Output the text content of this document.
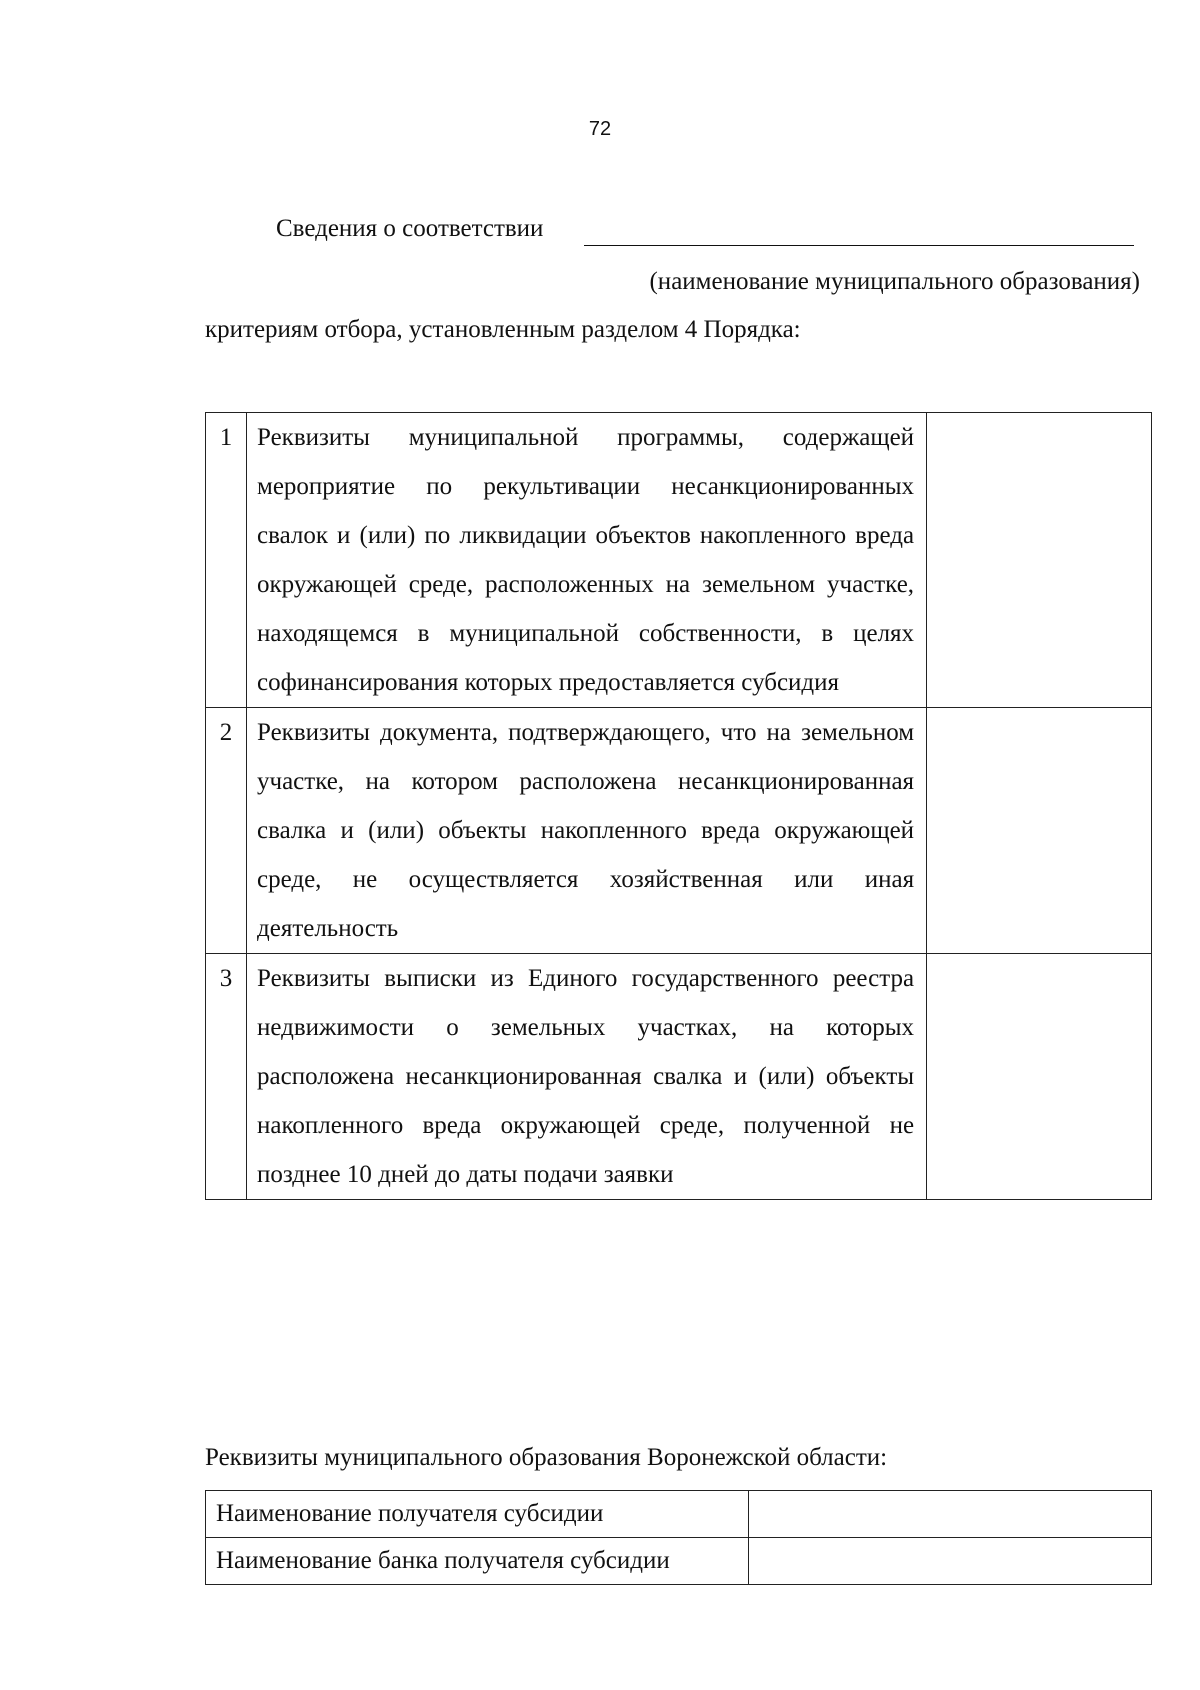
72
Сведения о соответствии
(наименование муниципального образования)
критериям отбора, установленным разделом 4 Порядка:
1	Реквизиты муниципальной программы, содержащей мероприятие по рекультивации несанкционированных свалок и (или) по ликвидации объектов накопленного вреда окружающей среде, расположенных на земельном участке, находящемся в муниципальной собственности, в целях софинансирования которых предоставляется субсидия	
2	Реквизиты документа, подтверждающего, что на земельном участке, на котором расположена несанкционированная свалка и (или) объекты накопленного вреда окружающей среде, не осуществляется хозяйственная или иная деятельность	
3	Реквизиты выписки из Единого государственного реестра недвижимости о земельных участках, на которых расположена несанкционированная свалка и (или) объекты накопленного вреда окружающей среде, полученной не позднее 10 дней до даты подачи заявки	
Реквизиты муниципального образования Воронежской области:
Наименование получателя субсидии	
Наименование банка получателя субсидии	
